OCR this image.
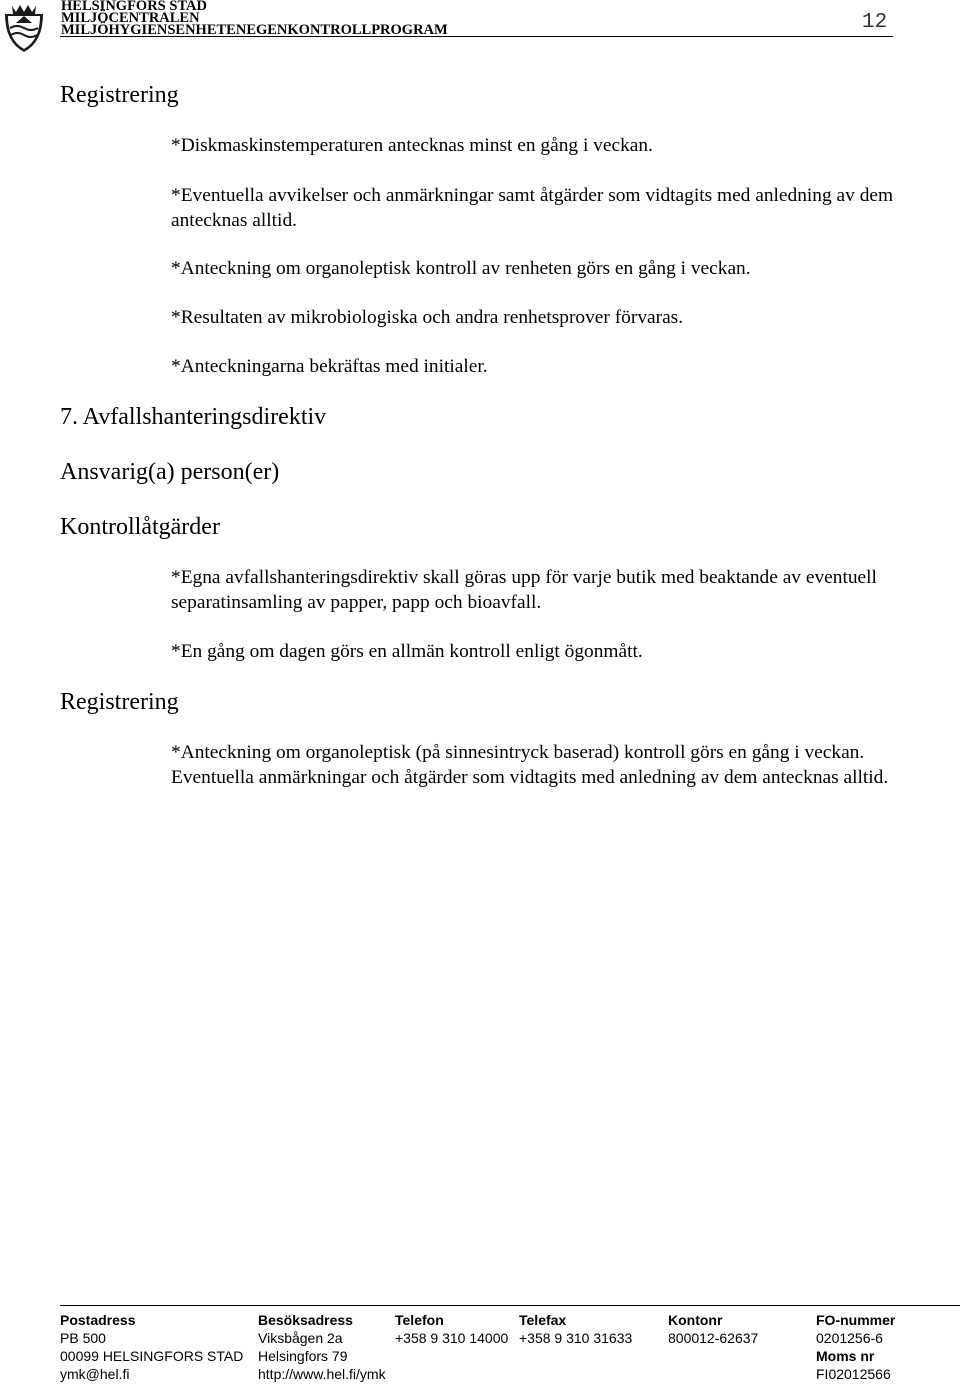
HELSINGFORS STAD
MILJÖCENTRALEN
MILJÖHYGIENSENHETENEGENKONTROLLPROGRAM	12
Registrering
*Diskmaskinstemperaturen antecknas minst en gång i veckan.
*Eventuella avvikelser och anmärkningar samt åtgärder som vidtagits med anledning av dem antecknas alltid.
*Anteckning om organoleptisk kontroll av renheten görs en gång i veckan.
*Resultaten av mikrobiologiska och andra renhetsprover förvaras.
*Anteckningarna bekräftas med initialer.
7. Avfallshanteringsdirektiv
Ansvarig(a) person(er)
Kontrollåtgärder
*Egna avfallshanteringsdirektiv skall göras upp för varje butik med beaktande av eventuell separatinsamling av papper, papp och bioavfall.
*En gång om dagen görs en allmän kontroll enligt ögonmått.
Registrering
*Anteckning om organoleptisk (på sinnesintryck baserad) kontroll görs en gång i veckan. Eventuella anmärkningar och åtgärder som vidtagits med anledning av dem antecknas alltid.
Postadress
PB 500
00099 HELSINGFORS STAD
ymk@hel.fi
Besöksadress
Viksbågen 2a
Helsingfors 79
http://www.hel.fi/ymk
Telefon
+358 9 310 14000
Telefax
+358 9 310 31633
Kontonr
800012-62637
FO-nummer
0201256-6
Moms nr
FI02012566
